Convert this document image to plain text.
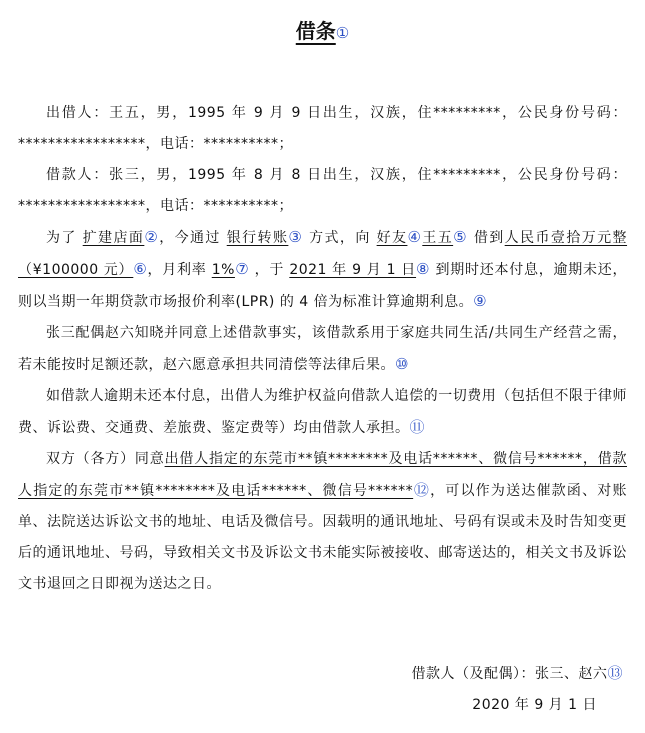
借条①

出借人：王五，男，1995 年 9 月 9 日出生，汉族，住*********，公民身份号码：*****************，电话：**********；

借款人：张三，男，1995 年 8 月 8 日出生，汉族，住*********，公民身份号码：*****************，电话：**********；

为了 扩建店面②，今通过 银行转账③ 方式，向 好友④王五⑤ 借到人民币壹拾万元整（¥100000 元）⑥，月利率 1%⑦ ，于 2021 年 9 月 1 日⑧ 到期时还本付息，逾期未还，则以当期一年期贷款市场报价利率(LPR) 的 4 倍为标准计算逾期利息。⑨

张三配偶赵六知晓并同意上述借款事实，该借款系用于家庭共同生活/共同生产经营之需，若未能按时足额还款，赵六愿意承担共同清偿等法律后果。⑩

如借款人逾期未还本付息，出借人为维护权益向借款人追偿的一切费用（包括但不限于律师费、诉讼费、交通费、差旅费、鉴定费等）均由借款人承担。⑪

双方（各方）同意出借人指定的东莞市**镇********及电话******、微信号******，借款人指定的东莞市**镇********及电话******、微信号******⑫，可以作为送达催款函、对账单、法院送达诉讼文书的地址、电话及微信号。因载明的通讯地址、号码有误或未及时告知变更后的通讯地址、号码，导致相关文书及诉讼文书未能实际被接收、邮寄送达的，相关文书及诉讼文书退回之日即视为送达之日。

借款人（及配偶）：张三、赵六⑬
2020 年 9 月 1 日
